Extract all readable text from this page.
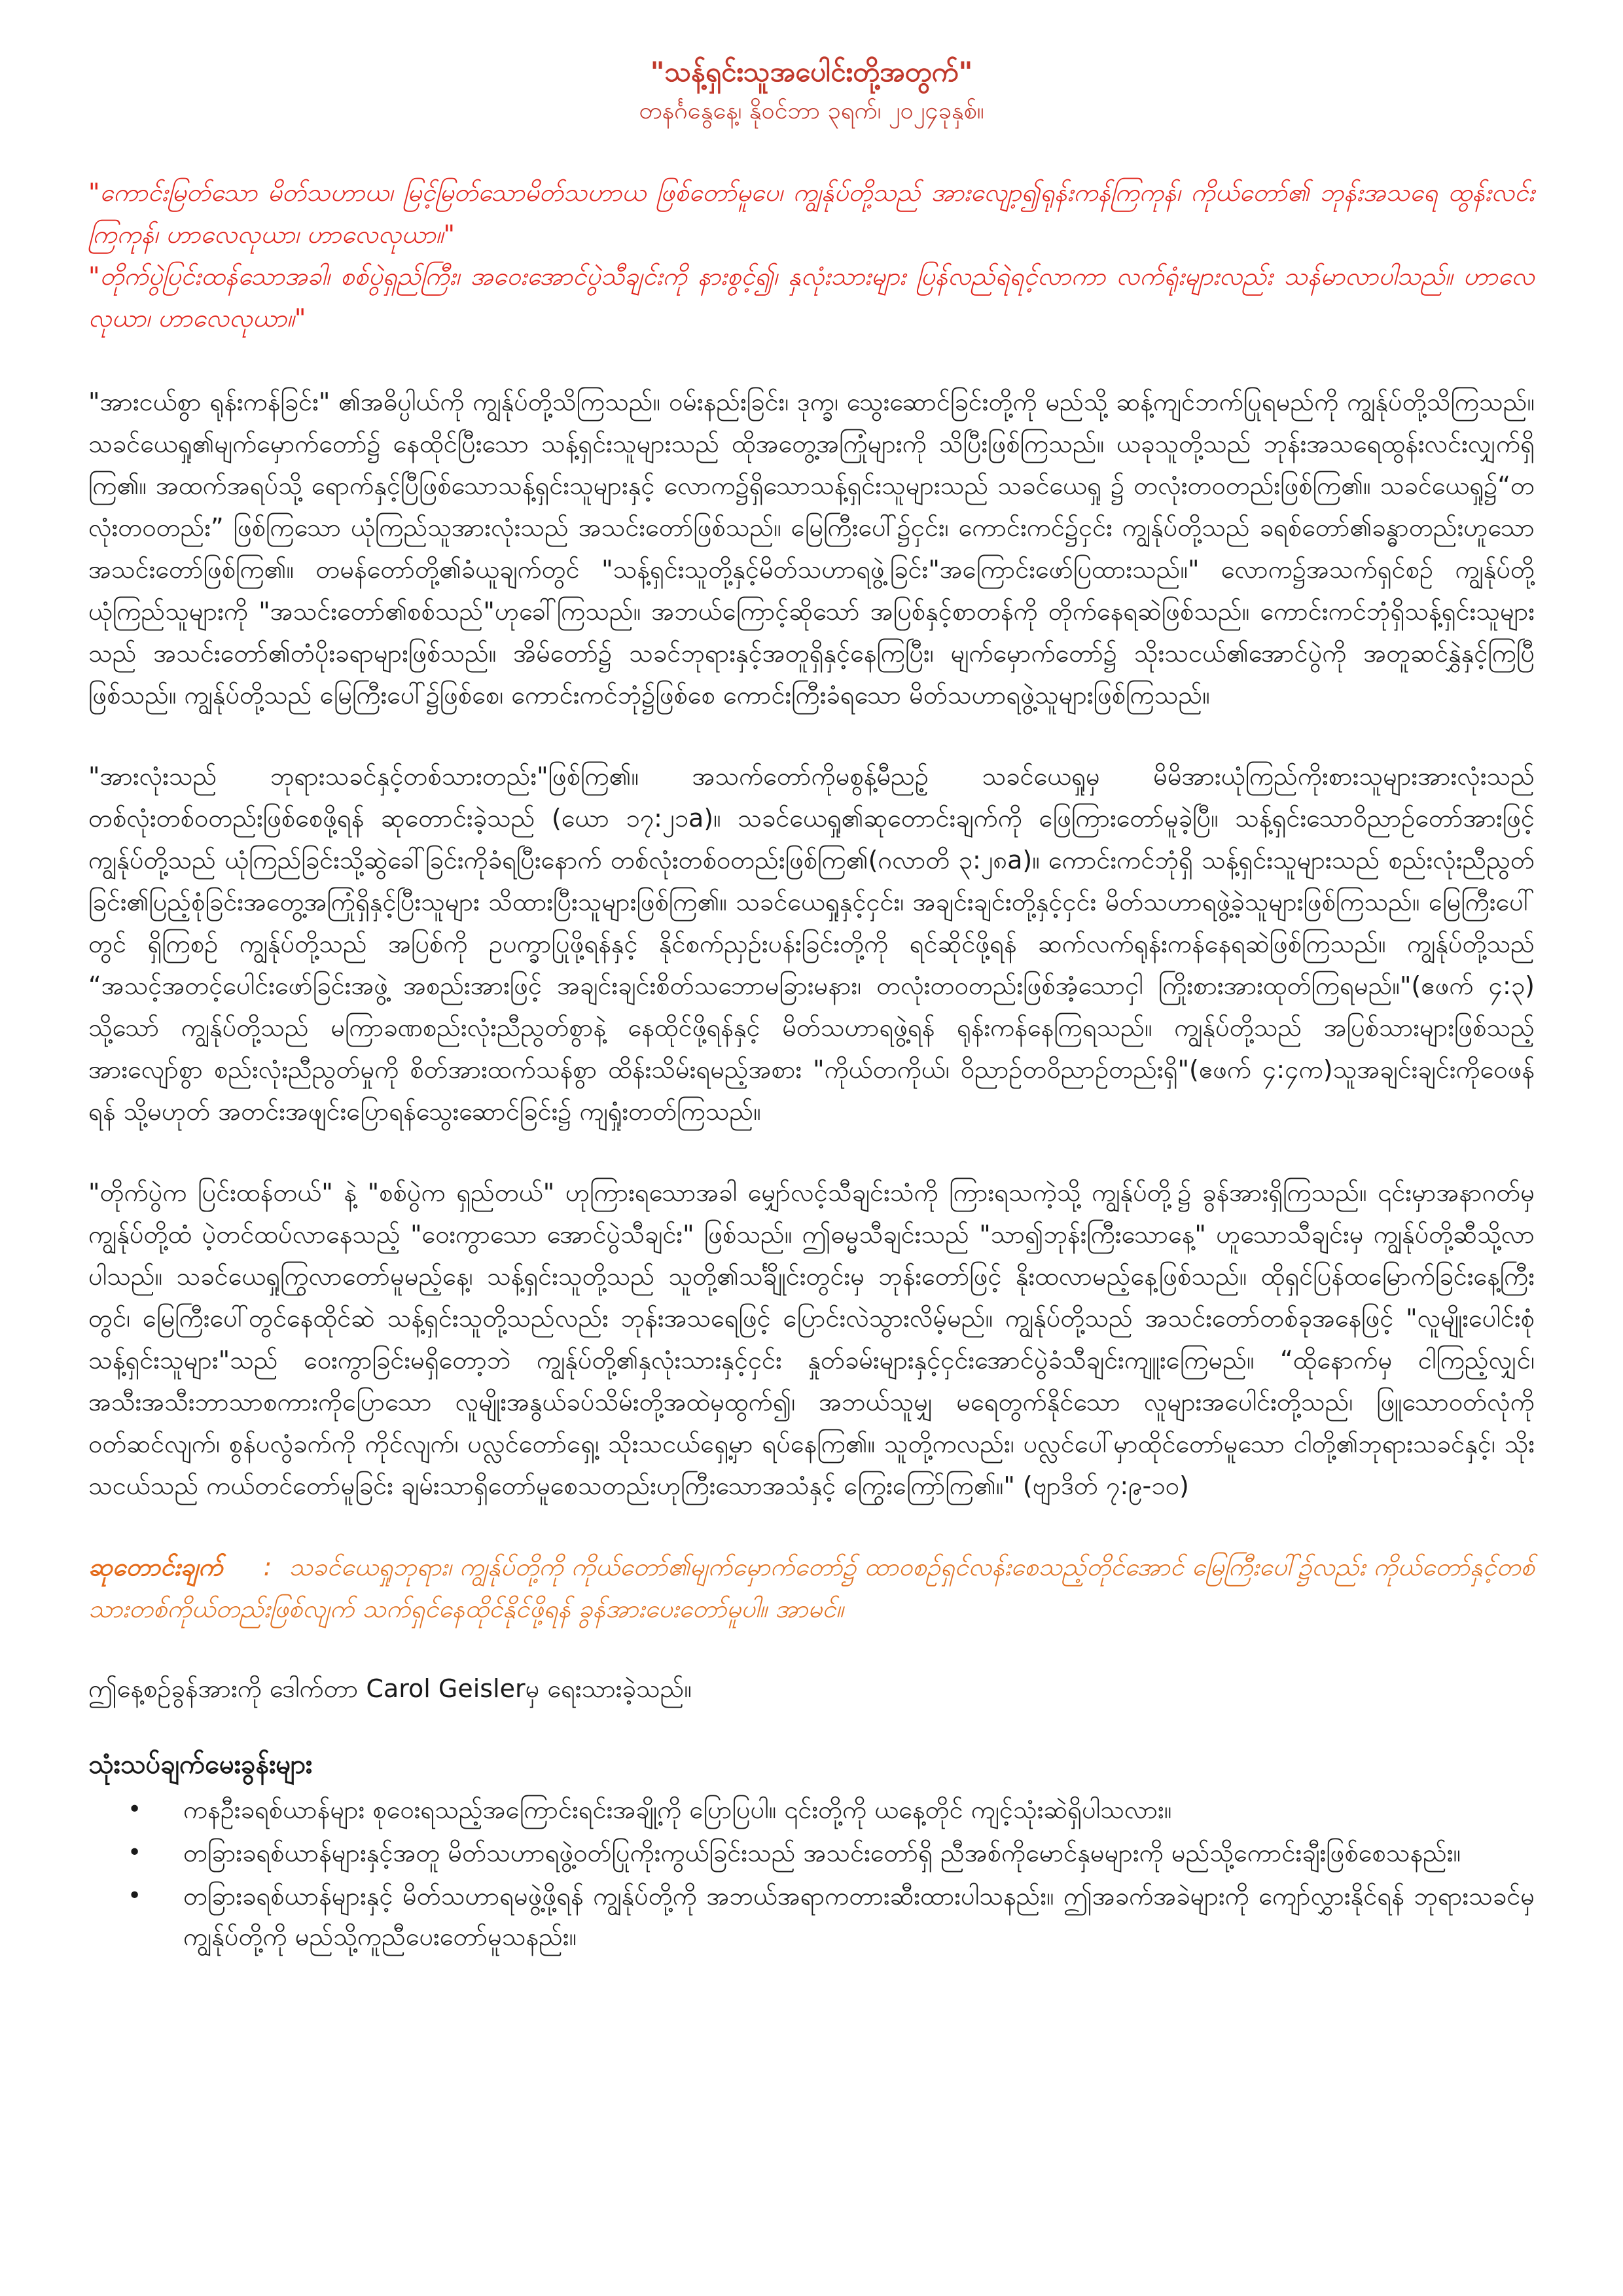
"သန့်ရှင်းသူအပေါင်းတို့အတွက်"

တနင်္ဂနွေနေ့၊ နိုဝင်ဘာ ၃ရက်၊ ၂၀၂၄ခုနှစ်။

"ကောင်းမြတ်သော မိတ်သဟာယ၊ မြင့်မြတ်သောမိတ်သဟာယ ဖြစ်တော်မူပေ၊ ကျွန်ုပ်တို့သည် အားလျော့၍ရုန်းကန်ကြကုန်၊ ကိုယ်တော်၏ ဘုန်းအသရေ ထွန်းလင်းကြကုန်၊ ဟာလေလုယာ၊ ဟာလေလုယာ။"

"တိုက်ပွဲပြင်းထန်သောအခါ၊ စစ်ပွဲရှည်ကြီး၊ အဝေးအောင်ပွဲသီချင်းကို နားစွင့်၍၊ နှလုံးသားများ ပြန်လည်ရဲရင့်လာကာ လက်ရုံးများလည်း သန်မာလာပါသည်။ ဟာလေလုယာ၊ ဟာလေလုယာ။"

"အားငယ်စွာ ရုန်းကန်ခြင်း" ၏အဓိပ္ပါယ်ကို ကျွန်ုပ်တို့သိကြသည်။ ဝမ်းနည်းခြင်း၊ ဒုက္ခ၊ သွေးဆောင်ခြင်းတို့ကို မည်သို့ ဆန့်ကျင်ဘက်ပြုရမည်ကို ကျွန်ုပ်တို့သိကြသည်။ သခင်ယေရှု၏မျက်မှောက်တော်၌ နေထိုင်ပြီးသော သန့်ရှင်းသူများသည် ထိုအတွေ့အကြုံများကို သိပြီးဖြစ်ကြသည်။ ယခုသူတို့သည် ဘုန်းအသရေထွန်းလင်းလျှက်ရှိကြ၏။ အထက်အရပ်သို့ ရောက်နှင့်ပြီဖြစ်သောသန့်ရှင်းသူများနှင့် လောက၌ရှိသောသန့်ရှင်းသူများသည် သခင်ယေရှု ၌ တလုံးတဝတည်းဖြစ်ကြ၏။ သခင်ယေရှု၌“တလုံးတဝတည်း” ဖြစ်ကြသော ယုံကြည်သူအားလုံးသည် အသင်းတော်ဖြစ်သည်။ မြေကြီးပေါ်၌ငှင်း၊ ကောင်းကင်၌ငှင်း ကျွန်ုပ်တို့သည် ခရစ်တော်၏ခန္ဓာတည်းဟူသောအသင်းတော်ဖြစ်ကြ၏။ တမန်တော်တို့၏ခံယူချက်တွင် "သန့်ရှင်းသူတို့နှင့်မိတ်သဟာရဖွဲ့ခြင်း"အကြောင်းဖော်ပြထားသည်။" လောက၌အသက်ရှင်စဉ် ကျွန်ုပ်တို့ယုံကြည်သူများကို "အသင်းတော်၏စစ်သည်"ဟုခေါ်ကြသည်။ အဘယ်ကြောင့်ဆိုသော် အပြစ်နှင့်စာတန်ကို တိုက်နေရဆဲဖြစ်သည်။ ကောင်းကင်ဘုံရှိသန့်ရှင်းသူများသည် အသင်းတော်၏တံပိုးခရာများဖြစ်သည်။ အိမ်တော်၌ သခင်ဘုရားနှင့်အတူရှိနှင့်နေကြပြီး၊ မျက်မှောက်တော်၌ သိုးသငယ်၏အောင်ပွဲကို အတူဆင်နွှဲနှင့်ကြပြီဖြစ်သည်။ ကျွန်ုပ်တို့သည် မြေကြီးပေါ်၌ဖြစ်စေ၊ ကောင်းကင်ဘုံ၌ဖြစ်စေ ကောင်းကြီးခံရသော မိတ်သဟာရဖွဲ့သူများဖြစ်ကြသည်။

"အားလုံးသည် ဘုရားသခင်နှင့်တစ်သားတည်း"ဖြစ်ကြ၏။ အသက်တော်ကိုမစွန့်မီညဥ့် သခင်ယေရှုမှ မိမိအားယုံကြည်ကိုးစားသူများအားလုံးသည် တစ်လုံးတစ်ဝတည်းဖြစ်စေဖို့ရန် ဆုတောင်းခဲ့သည် (ယော ၁၇:၂၁a)။ သခင်ယေရှု၏ဆုတောင်းချက်ကို ဖြေကြားတော်မူခဲ့ပြီ။ သန့်ရှင်းသောဝိညာဉ်တော်အားဖြင့် ကျွန်ုပ်တို့သည် ယုံကြည်ခြင်းသို့ဆွဲခေါ်ခြင်းကိုခံရပြီးနောက် တစ်လုံးတစ်ဝတည်းဖြစ်ကြ၏(ဂလာတိ ၃:၂၈a)။ ကောင်းကင်ဘုံရှိ သန့်ရှင်းသူများသည် စည်းလုံးညီညွတ်ခြင်း၏ပြည့်စုံခြင်းအတွေ့အကြုံရှိနှင့်ပြီးသူများ သိထားပြီးသူများဖြစ်ကြ၏။ သခင်ယေရှုနှင့်ငှင်း၊ အချင်းချင်းတို့နှင့်ငှင်း မိတ်သဟာရဖွဲ့ခဲ့သူများဖြစ်ကြသည်။ မြေကြီးပေါ်တွင် ရှိကြစဉ် ကျွန်ုပ်တို့သည် အပြစ်ကို ဥပက္ခာပြုဖို့ရန်နှင့် နိုင်စက်ညှဉ်းပန်းခြင်းတို့ကို ရင်ဆိုင်ဖို့ရန် ဆက်လက်ရုန်းကန်နေရဆဲဖြစ်ကြသည်။ ကျွန်ုပ်တို့သည် “အသင့်အတင့်ပေါင်းဖော်ခြင်းအဖွဲ့ အစည်းအားဖြင့် အချင်းချင်းစိတ်သဘောမခြားမနား၊ တလုံးတဝတည်းဖြစ်အံ့သောငှါ ကြိုးစားအားထုတ်ကြရမည်။"(ဧဖက် ၄:၃) သို့သော် ကျွန်ုပ်တို့သည် မကြာခဏစည်းလုံးညီညွတ်စွာနဲ့ နေထိုင်ဖို့ရန်နှင့် မိတ်သဟာရဖွဲ့ရန် ရုန်းကန်နေကြရသည်။ ကျွန်ုပ်တို့သည် အပြစ်သားများဖြစ်သည့်အားလျော်စွာ စည်းလုံးညီညွတ်မှုကို စိတ်အားထက်သန်စွာ ထိန်းသိမ်းရမည့်အစား "ကိုယ်တကိုယ်၊ ဝိညာဉ်တဝိညာဉ်တည်းရှိ"(ဧဖက် ၄:၄က)သူအချင်းချင်းကိုဝေဖန်ရန် သို့မဟုတ် အတင်းအဖျင်းပြောရန်သွေးဆောင်ခြင်း၌ ကျရှုံးတတ်ကြသည်။

"တိုက်ပွဲက ပြင်းထန်တယ်" နဲ့ "စစ်ပွဲက ရှည်တယ်" ဟုကြားရသောအခါ မျှော်လင့်သီချင်းသံကို ကြားရသကဲ့သို့ ကျွန်ုပ်တို့၌ ခွန်အားရှိကြသည်။ ၎င်းမှာအနာဂတ်မှ ကျွန်ုပ်တို့ထံ ပဲ့တင်ထပ်လာနေသည့် "ဝေးကွာသော အောင်ပွဲသီချင်း" ဖြစ်သည်။ ဤဓမ္မသီချင်းသည် "သာ၍ဘုန်းကြီးသောနေ့" ဟူသောသီချင်းမှ ကျွန်ုပ်တို့ဆီသို့လာပါသည်။ သခင်ယေရှုကြွလာတော်မူမည့်နေ့၊ သန့်ရှင်းသူတို့သည် သူတို့၏သင်္ချိုင်းတွင်းမှ ဘုန်းတော်ဖြင့် နိုးထလာမည့်နေ့ဖြစ်သည်။ ထိုရှင်ပြန်ထမြောက်ခြင်းနေ့ကြီးတွင်၊ မြေကြီးပေါ်တွင်နေထိုင်ဆဲ သန့်ရှင်းသူတို့သည်လည်း ဘုန်းအသရေဖြင့် ပြောင်းလဲသွားလိမ့်မည်။ ကျွန်ုပ်တို့သည် အသင်းတော်တစ်ခုအနေဖြင့် "လူမျိုးပေါင်းစုံသန့်ရှင်းသူများ"သည် ဝေးကွာခြင်းမရှိတော့ဘဲ ကျွန်ုပ်တို့၏နှလုံးသားနှင့်ငှင်း နှုတ်ခမ်းများနှင့်ငှင်းအောင်ပွဲခံသီချင်းကျူးကြေမည်။ “ထိုနောက်မှ ငါကြည့်လျှင်၊ အသီးအသီးဘာသာစကားကိုပြောသော လူမျိုးအနွယ်ခပ်သိမ်းတို့အထဲမှထွက်၍၊ အဘယ်သူမျှ မရေတွက်နိုင်သော လူများအပေါင်းတို့သည်၊ ဖြူသောဝတ်လုံကို ဝတ်ဆင်လျက်၊ စွန်ပလွံခက်ကို ကိုင်လျက်၊ ပလ္လင်တော်ရှေ့၊ သိုးသငယ်ရှေ့မှာ ရပ်နေကြ၏။ သူတို့ကလည်း၊ ပလ္လင်ပေါ်မှာထိုင်တော်မူသော ငါတို့၏ဘုရားသခင်နှင့်၊ သိုးသငယ်သည် ကယ်တင်တော်မူခြင်း ချမ်းသာရှိတော်မူစေသတည်းဟုကြီးသောအသံနှင့် ကြွေးကြော်ကြ၏။" (ဗျာဒိတ် ၇:၉-၁၀)

ဆုတောင်းချက် : သခင်ယေရှုဘုရား၊ ကျွန်ုပ်တို့ကို ကိုယ်တော်၏မျက်မှောက်တော်၌ ထာဝစဉ်ရှင်လန်းစေသည့်တိုင်အောင် မြေကြီးပေါ်၌လည်း ကိုယ်တော်နှင့်တစ်သားတစ်ကိုယ်တည်းဖြစ်လျက် သက်ရှင်နေထိုင်နိုင်ဖို့ရန် ခွန်အားပေးတော်မူပါ။ အာမင်။

ဤနေ့စဉ်ခွန်အားကို ဒေါက်တာ Carol Geislerမှ ရေးသားခဲ့သည်။

သုံးသပ်ချက်မေးခွန်းများ
• ကနဦးခရစ်ယာန်များ စုဝေးရသည့်အကြောင်းရင်းအချို့ကို ပြောပြပါ။ ၎င်းတို့ကို ယနေ့တိုင် ကျင့်သုံးဆဲရှိပါသလား။
• တခြားခရစ်ယာန်များနှင့်အတူ မိတ်သဟာရဖွဲ့ဝတ်ပြုကိုးကွယ်ခြင်းသည် အသင်းတော်ရှိ ညီအစ်ကိုမောင်နှမများကို မည်သို့ကောင်းချီးဖြစ်စေသနည်း။
• တခြားခရစ်ယာန်များနှင့် မိတ်သဟာရမဖွဲ့ဖို့ရန် ကျွန်ုပ်တို့ကို အဘယ်အရာကတားဆီးထားပါသနည်း။ ဤအခက်အခဲများကို ကျော်လွှားနိုင်ရန် ဘုရားသခင်မှ ကျွန်ုပ်တို့ကို မည်သို့ကူညီပေးတော်မူသနည်း။
